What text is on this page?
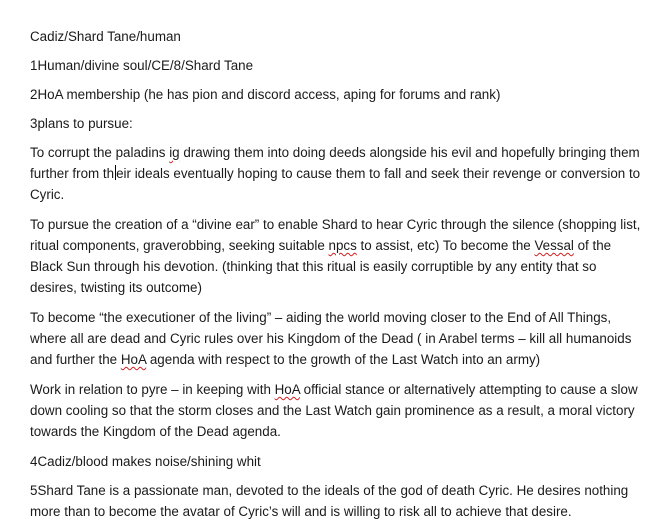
Cadiz/Shard Tane/human

1Human/divine soul/CE/8/Shard Tane

2HoA membership (he has pion and discord access, aping for forums and rank)

3plans to pursue:

To corrupt the paladins ig drawing them into doing deeds alongside his evil and hopefully bringing them further from th eir ideals eventually hoping to cause them to fall and seek their revenge or conversion to Cyric.

To pursue the creation of a “divine ear” to enable Shard to hear Cyric through the silence (shopping list, ritual components, graverobbing, seeking suitable npcs to assist, etc) To become the Vessal of the Black Sun through his devotion. (thinking that this ritual is easily corruptible by any entity that so desires, twisting its outcome)

To become “the executioner of the living” – aiding the world moving closer to the End of All Things, where all are dead and Cyric rules over his Kingdom of the Dead ( in Arabel terms – kill all humanoids and further the HoA agenda with respect to the growth of the Last Watch into an army)

Work in relation to pyre – in keeping with HoA official stance or alternatively attempting to cause a slow down cooling so that the storm closes and the Last Watch gain prominence as a result, a moral victory towards the Kingdom of the Dead agenda.

4Cadiz/blood makes noise/shining whit

5Shard Tane is a passionate man, devoted to the ideals of the god of death Cyric. He desires nothing more than to become the avatar of Cyric’s will and is willing to risk all to achieve that desire.
